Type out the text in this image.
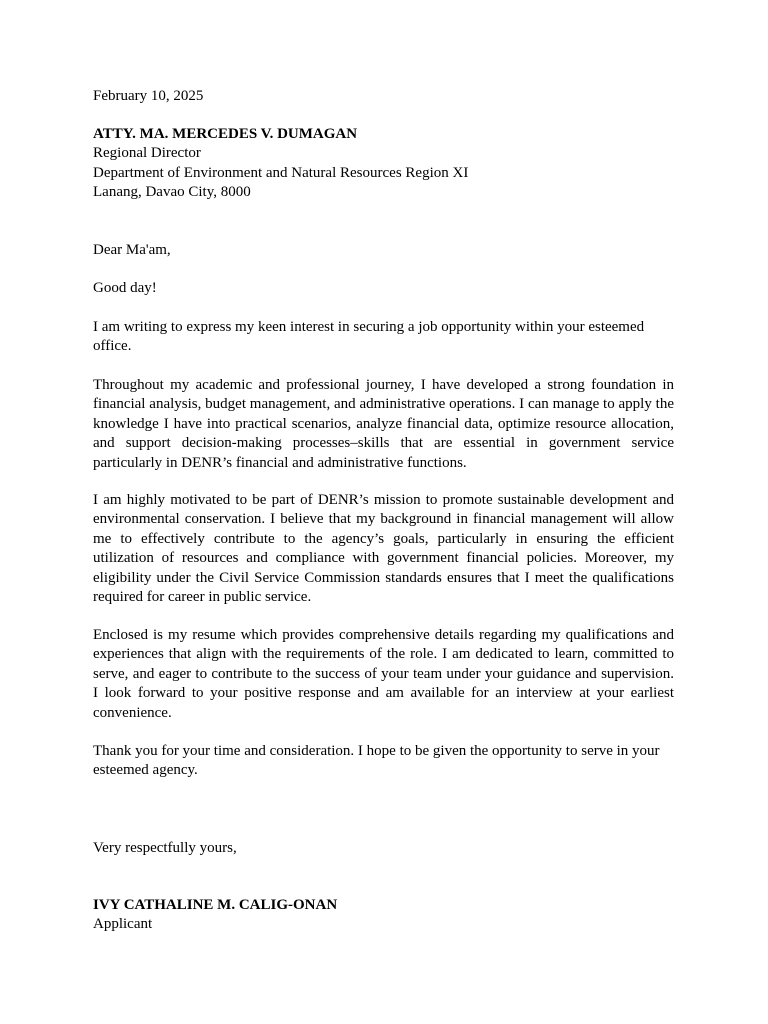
February 10, 2025
ATTY. MA. MERCEDES V. DUMAGAN
Regional Director
Department of Environment and Natural Resources Region XI
Lanang, Davao City, 8000
Dear Ma'am,
Good day!

I am writing to express my keen interest in securing a job opportunity within your esteemed office.

Throughout my academic and professional journey, I have developed a strong foundation in financial analysis, budget management, and administrative operations. I can manage to apply the knowledge I have into practical scenarios, analyze financial data, optimize resource allocation, and support decision-making processes–skills that are essential in government service particularly in DENR’s financial and administrative functions.

I am highly motivated to be part of DENR’s mission to promote sustainable development and environmental conservation. I believe that my background in financial management will allow me to effectively contribute to the agency’s goals, particularly in ensuring the efficient utilization of resources and compliance with government financial policies. Moreover, my eligibility under the Civil Service Commission standards ensures that I meet the qualifications required for career in public service.

Enclosed is my resume which provides comprehensive details regarding my qualifications and experiences that align with the requirements of the role. I am dedicated to learn, committed to serve, and eager to contribute to the success of your team under your guidance and supervision. I look forward to your positive response and am available for an interview at your earliest convenience.

Thank you for your time and consideration. I hope to be given the opportunity to serve in your esteemed agency.

Very respectfully yours,
IVY CATHALINE M. CALIG-ONAN
Applicant
